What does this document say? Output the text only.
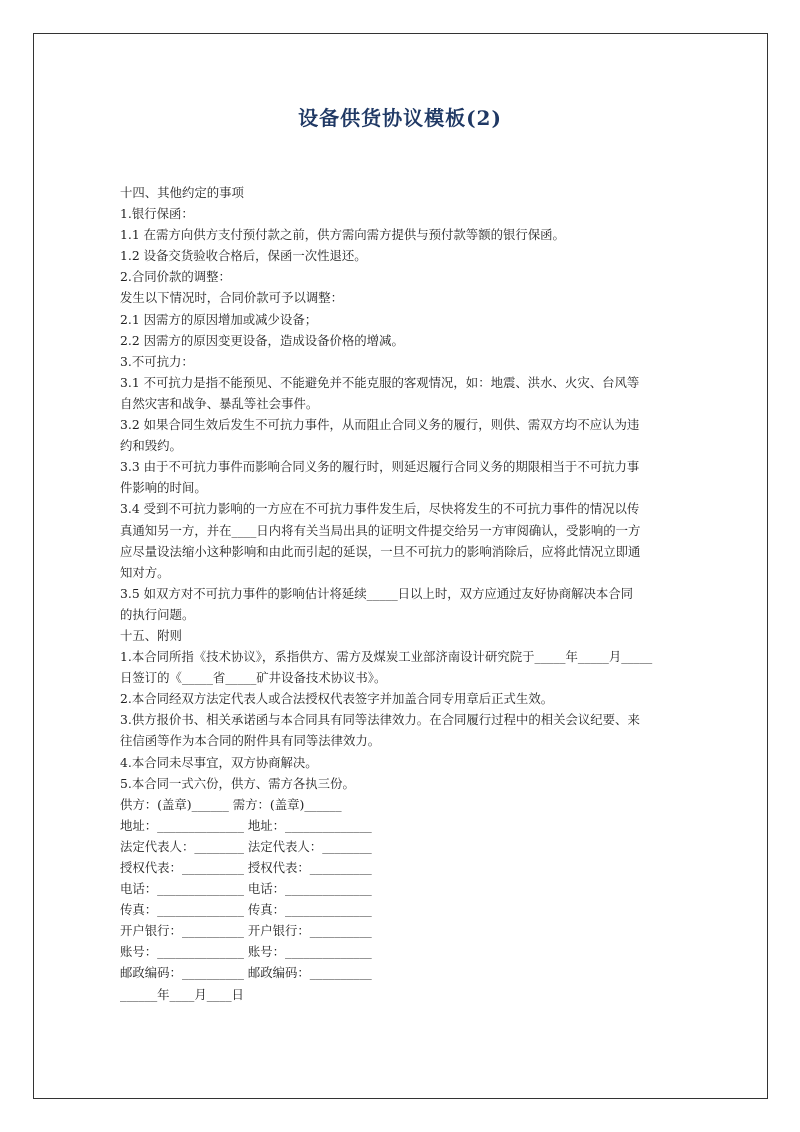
设备供货协议模板(2)
十四、其他约定的事项
1.银行保函：
1.1 在需方向供方支付预付款之前，供方需向需方提供与预付款等额的银行保函。
1.2 设备交货验收合格后，保函一次性退还。
2.合同价款的调整：
发生以下情况时，合同价款可予以调整：
2.1 因需方的原因增加或减少设备；
2.2 因需方的原因变更设备，造成设备价格的增减。
3.不可抗力：
3.1 不可抗力是指不能预见、不能避免并不能克服的客观情况，如：地震、洪水、火灾、台风等
自然灾害和战争、暴乱等社会事件。
3.2 如果合同生效后发生不可抗力事件，从而阻止合同义务的履行，则供、需双方均不应认为违
约和毁约。
3.3 由于不可抗力事件而影响合同义务的履行时，则延迟履行合同义务的期限相当于不可抗力事
件影响的时间。
3.4 受到不可抗力影响的一方应在不可抗力事件发生后，尽快将发生的不可抗力事件的情况以传
真通知另一方，并在____日内将有关当局出具的证明文件提交给另一方审阅确认，受影响的一方
应尽量设法缩小这种影响和由此而引起的延误，一旦不可抗力的影响消除后，应将此情况立即通
知对方。
3.5 如双方对不可抗力事件的影响估计将延续_____日以上时，双方应通过友好协商解决本合同
的执行问题。
十五、附则
1.本合同所指《技术协议》，系指供方、需方及煤炭工业部济南设计研究院于_____年_____月_____
日签订的《_____省_____矿井设备技术协议书》。
2.本合同经双方法定代表人或合法授权代表签字并加盖合同专用章后正式生效。
3.供方报价书、相关承诺函与本合同具有同等法律效力。在合同履行过程中的相关会议纪要、来
往信函等作为本合同的附件具有同等法律效力。
4.本合同未尽事宜，双方协商解决。
5.本合同一式六份，供方、需方各执三份。
供方：(盖章)______ 需方：(盖章)______
地址：______________ 地址：______________
法定代表人：________ 法定代表人：________
授权代表：__________ 授权代表：__________
电话：______________ 电话：______________
传真：______________ 传真：______________
开户银行：__________ 开户银行：__________
账号：______________ 账号：______________
邮政编码：__________ 邮政编码：__________
______年____月____日
